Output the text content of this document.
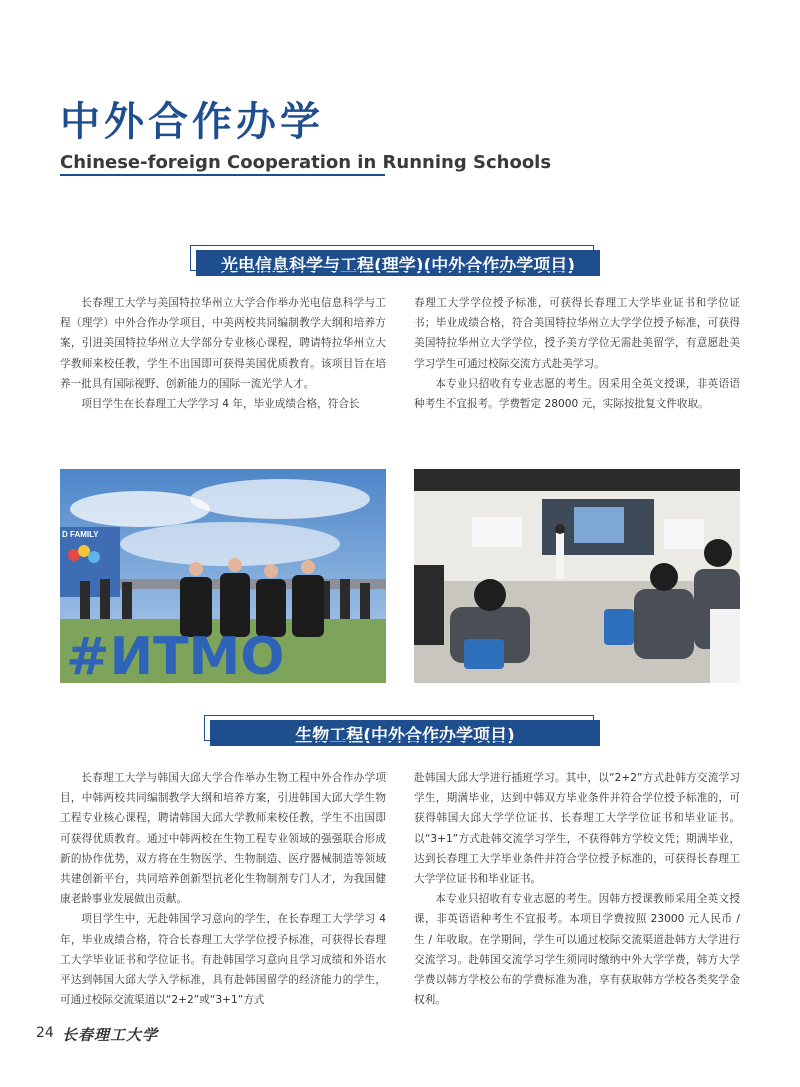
中外合作办学
Chinese-foreign Cooperation in Running Schools
光电信息科学与工程(理学)(中外合作办学项目)

长春理工大学与美国特拉华州立大学合作举办光电信息科学与工程（理学）中外合作办学项目，中美两校共同编制教学大纲和培养方案，引进美国特拉华州立大学部分专业核心课程，聘请特拉华州立大学教师来校任教，学生不出国即可获得美国优质教育。该项目旨在培养一批具有国际视野、创新能力的国际一流光学人才。

项目学生在长春理工大学学习 4 年，毕业成绩合格，符合长

春理工大学学位授予标准，可获得长春理工大学毕业证书和学位证书；毕业成绩合格，符合美国特拉华州立大学学位授予标准，可获得美国特拉华州立大学学位，授予美方学位无需赴美留学，有意愿赴美学习学生可通过校际交流方式赴美学习。

本专业只招收有专业志愿的考生。因采用全英文授课，非英语语种考生不宜报考。学费暂定 28000 元，实际按批复文件收取。

D FAMILY
#ИТМО
生物工程(中外合作办学项目)

长春理工大学与韩国大邱大学合作举办生物工程中外合作办学项目，中韩两校共同编制教学大纲和培养方案，引进韩国大邱大学生物工程专业核心课程，聘请韩国大邱大学教师来校任教，学生不出国即可获得优质教育。通过中韩两校在生物工程专业领域的强强联合形成新的协作优势，双方将在生物医学、生物制造、医疗器械制造等领域共建创新平台，共同培养创新型抗老化生物制剂专门人才，为我国健康老龄事业发展做出贡献。

项目学生中，无赴韩国学习意向的学生，在长春理工大学学习 4 年，毕业成绩合格，符合长春理工大学学位授予标准，可获得长春理工大学毕业证书和学位证书。有赴韩国学习意向且学习成绩和外语水平达到韩国大邱大学入学标准，具有赴韩国留学的经济能力的学生，可通过校际交流渠道以“2+2”或“3+1”方式

赴韩国大邱大学进行插班学习。其中，以“2+2”方式赴韩方交流学习学生，期满毕业，达到中韩双方毕业条件并符合学位授予标准的，可获得韩国大邱大学学位证书、长春理工大学学位证书和毕业证书。以“3+1”方式赴韩交流学习学生，不获得韩方学校文凭；期满毕业，达到长春理工大学毕业条件并符合学位授予标准的，可获得长春理工大学学位证书和毕业证书。

本专业只招收有专业志愿的考生。因韩方授课教师采用全英文授课，非英语语种考生不宜报考。本项目学费按照 23000 元人民币 / 生 / 年收取。在学期间，学生可以通过校际交流渠道赴韩方大学进行交流学习。赴韩国交流学习学生须同时缴纳中外大学学费，韩方大学学费以韩方学校公布的学费标准为准，享有获取韩方学校各类奖学金权利。

24 长春理工大学
